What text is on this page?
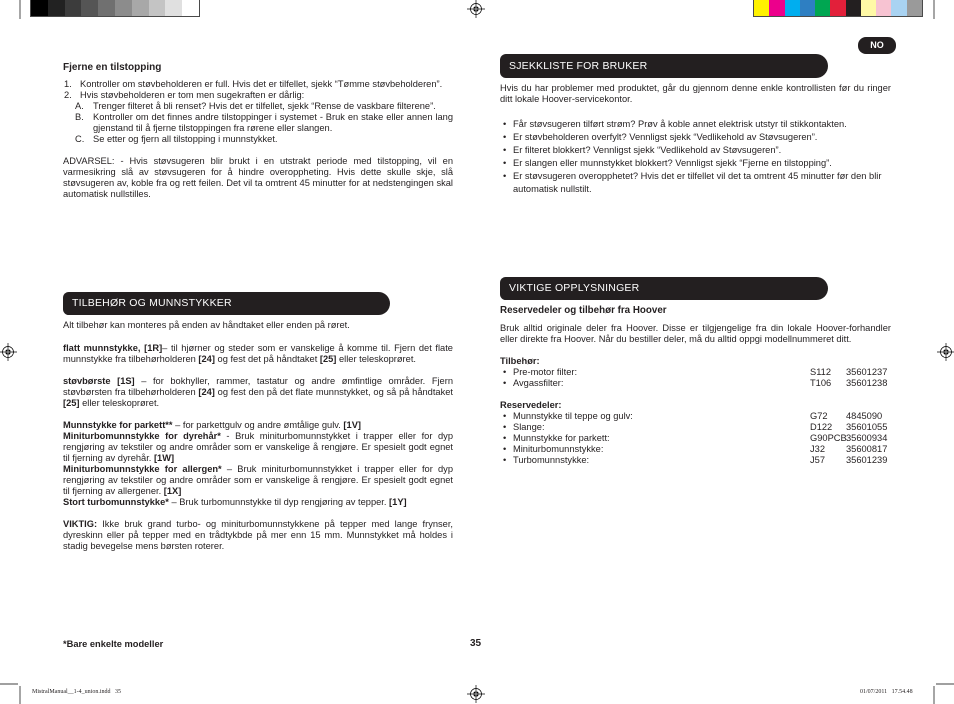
NO
Fjerne en tilstopping
1. Kontroller om støvbeholderen er full. Hvis det er tilfellet, sjekk “Tømme støvbeholderen”.
2. Hvis støvbeholderen er tom men sugekraften er dårlig:
A. Trenger filteret å bli renset? Hvis det er tilfellet, sjekk “Rense de vaskbare filterene”.
B. Kontroller om det finnes andre tilstoppinger i systemet - Bruk en stake eller annen lang gjenstand til å fjerne tilstoppingen fra rørene eller slangen.
C. Se etter og fjern all tilstopping i munnstykket.
ADVARSEL: - Hvis støvsugeren blir brukt i en utstrakt periode med tilstopping, vil en varmesikring slå av støvsugeren for å hindre overoppheting. Hvis dette skulle skje, slå støvsugeren av, koble fra og rett feilen. Det vil ta omtrent 45 minutter for at nedstengingen skal automatisk nullstilles.
TILBEHØR OG MUNNSTYKKER
Alt tilbehør kan monteres på enden av håndtaket eller enden på røret.
flatt munnstykke, [1R]– til hjørner og steder som er vanskelige å komme til. Fjern det flate munnstykke fra tilbehørholderen [24] og fest det på håndtaket [25] eller teleskoprøret.
støvbørste [1S] – for bokhyller, rammer, tastatur og andre ømfintlige områder. Fjern støvbørsten fra tilbehørholderen [24] og fest den på det flate munnstykket, og så på håndtaket [25] eller teleskoprøret.
Munnstykke for parkett** – for parkettgulv og andre ømtålige gulv. [1V]
Miniturbomunnstykke for dyrehår* - Bruk miniturbomunnstykket i trapper eller for dyp rengjøring av tekstiler og andre områder som er vanskelige å rengjøre. Er spesielt godt egnet til fjerning av dyrehår. [1W]
Miniturbomunnstykke for allergen* – Bruk miniturbomunnstykket i trapper eller for dyp rengjøring av tekstiler og andre områder som er vanskelige å rengjøre. Er spesielt godt egnet til fjerning av allergener. [1X]
Stort turbomunnstykke* – Bruk turbomunnstykke til dyp rengjøring av tepper. [1Y]
VIKTIG: Ikke bruk grand turbo- og miniturbomunnstykkene på tepper med lange frynser, dyreskinn eller på tepper med en trådtykbde på mer enn 15 mm. Munnstykket må holdes i stadig bevegelse mens børsten roterer.
*Bare enkelte modeller	35
SJEKKLISTE FOR BRUKER
Hvis du har problemer med produktet, går du gjennom denne enkle kontrollisten før du ringer ditt lokale Hoover-servicekontor.
• Får støvsugeren tilført strøm? Prøv å koble annet elektrisk utstyr til stikkontakten.
• Er støvbeholderen overfylt? Vennligst sjekk “Vedlikehold av Støvsugeren”.
• Er filteret blokkert? Vennligst sjekk “Vedlikehold av Støvsugeren”.
• Er slangen eller munnstykket blokkert? Vennligst sjekk “Fjerne en tilstopping”.
• Er støvsugeren overopphetet? Hvis det er tilfellet vil det ta omtrent 45 minutter før den blir automatisk nullstilt.
VIKTIGE OPPLYSNINGER
Reservedeler og tilbehør fra Hoover
Bruk alltid originale deler fra Hoover. Disse er tilgjengelige fra din lokale Hoover-forhandler eller direkte fra Hoover. Når du bestiller deler, må du alltid oppgi modellnummeret ditt.
Tilbehør:
• Pre-motor filter:	S112 35601237
• Avgassfilter:	T106 35601238
Reservedeler:
• Munnstykke til teppe og gulv:	G72 4845090
• Slange:	D122 35601055
• Munnstykke for parkett:	G90PCB 35600934
• Miniturbomunnstykke:	J32 35600817
• Turbomunnstykke:	J57 35601239
MistralManual__1-4_union.indd   35	01/07/2011   17.54.48
